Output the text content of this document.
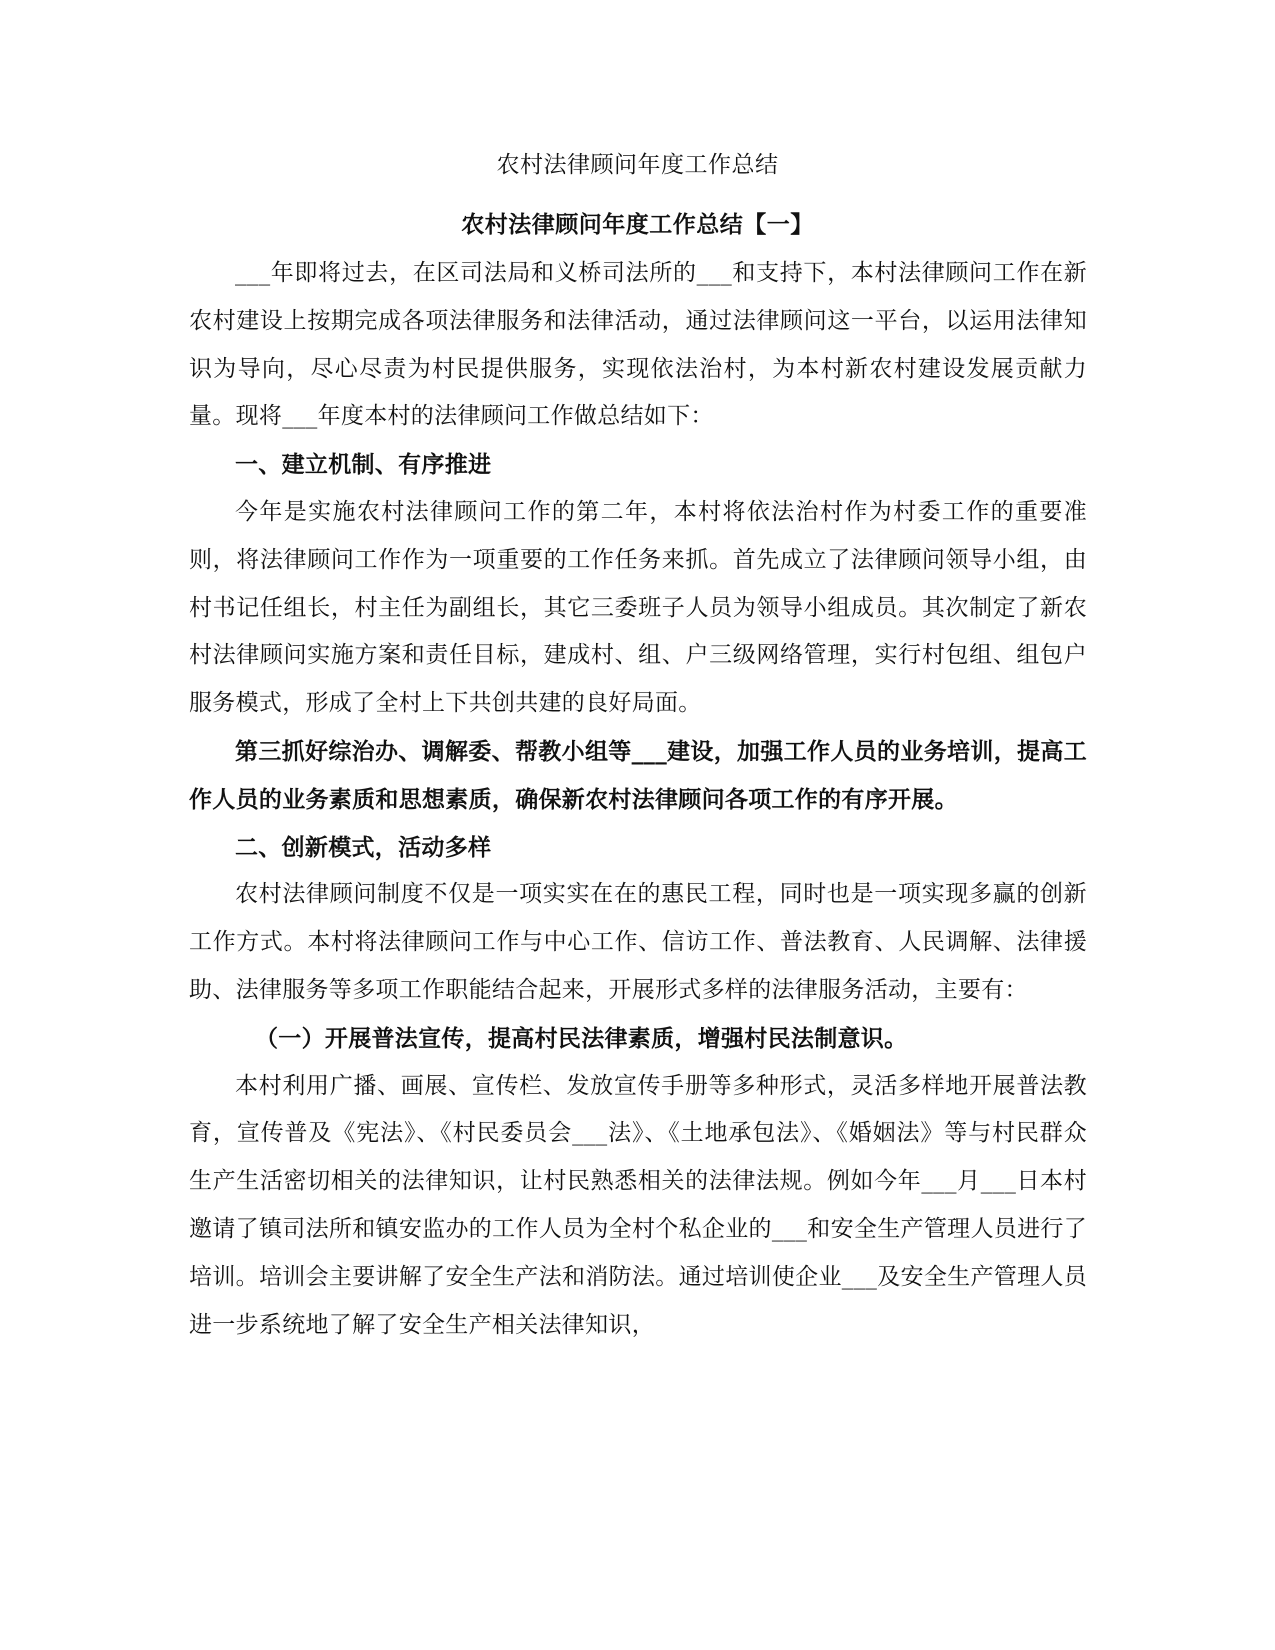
农村法律顾问年度工作总结
农村法律顾问年度工作总结【一】

___年即将过去，在区司法局和义桥司法所的___和支持下，本村法律顾问工作在新农村建设上按期完成各项法律服务和法律活动，通过法律顾问这一平台，以运用法律知识为导向，尽心尽责为村民提供服务，实现依法治村，为本村新农村建设发展贡献力量。现将___年度本村的法律顾问工作做总结如下：

一、建立机制、有序推进

今年是实施农村法律顾问工作的第二年，本村将依法治村作为村委工作的重要准则，将法律顾问工作作为一项重要的工作任务来抓。首先成立了法律顾问领导小组，由村书记任组长，村主任为副组长，其它三委班子人员为领导小组成员。其次制定了新农村法律顾问实施方案和责任目标，建成村、组、户三级网络管理，实行村包组、组包户服务模式，形成了全村上下共创共建的良好局面。

第三抓好综治办、调解委、帮教小组等___建设，加强工作人员的业务培训，提高工作人员的业务素质和思想素质，确保新农村法律顾问各项工作的有序开展。

二、创新模式，活动多样

农村法律顾问制度不仅是一项实实在在的惠民工程，同时也是一项实现多赢的创新工作方式。本村将法律顾问工作与中心工作、信访工作、普法教育、人民调解、法律援助、法律服务等多项工作职能结合起来，开展形式多样的法律服务活动，主要有：

（一）开展普法宣传，提高村民法律素质，增强村民法制意识。

本村利用广播、画展、宣传栏、发放宣传手册等多种形式，灵活多样地开展普法教育，宣传普及《宪法》、《村民委员会___法》、《土地承包法》、《婚姻法》等与村民群众生产生活密切相关的法律知识，让村民熟悉相关的法律法规。例如今年___月___日本村邀请了镇司法所和镇安监办的工作人员为全村个私企业的___和安全生产管理人员进行了培训。培训会主要讲解了安全生产法和消防法。通过培训使企业___及安全生产管理人员进一步系统地了解了安全生产相关法律知识，
